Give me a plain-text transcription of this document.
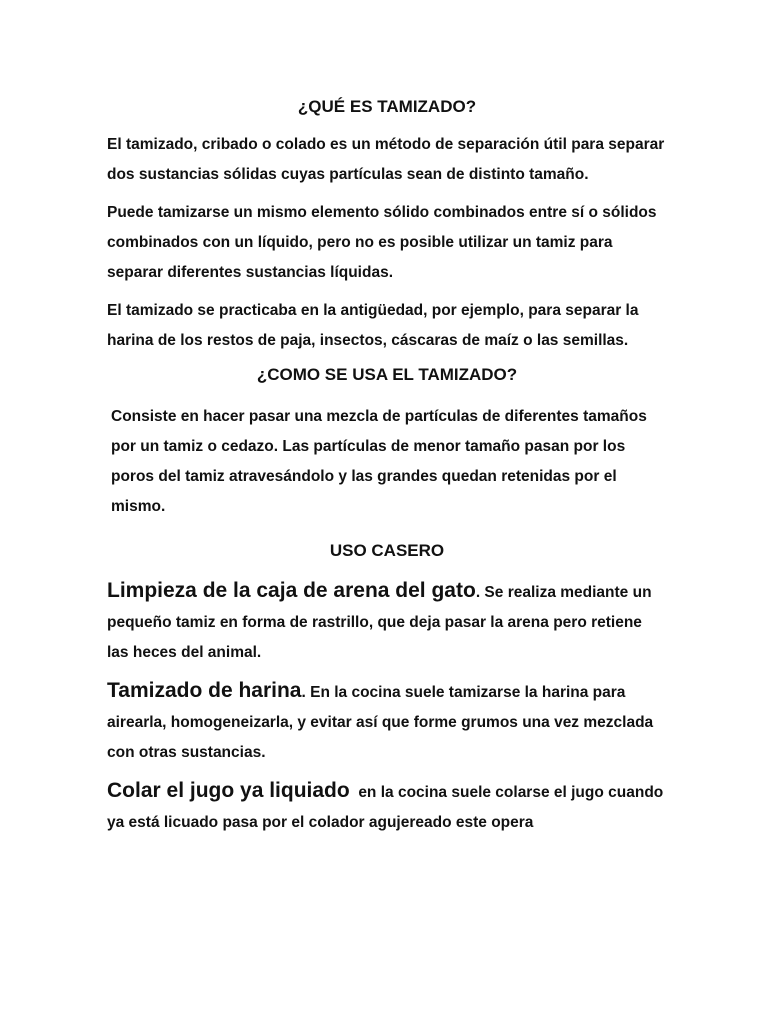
¿QUÉ ES TAMIZADO?

El tamizado, cribado o colado es un método de separación útil para separar dos sustancias sólidas cuyas partículas sean de distinto tamaño.

Puede tamizarse un mismo elemento sólido combinados entre sí o sólidos combinados con un líquido, pero no es posible utilizar un tamiz para separar diferentes sustancias líquidas.

El tamizado se practicaba en la antigüedad, por ejemplo, para separar la harina de los restos de paja, insectos, cáscaras de maíz o las semillas.

¿COMO SE USA EL TAMIZADO?

Consiste en hacer pasar una mezcla de partículas de diferentes tamaños por un tamiz o cedazo. Las partículas de menor tamaño pasan por los poros del tamiz atravesándolo y las grandes quedan retenidas por el mismo.

USO CASERO

Limpieza de la caja de arena del gato. Se realiza mediante un pequeño tamiz en forma de rastrillo, que deja pasar la arena pero retiene las heces del animal.

Tamizado de harina. En la cocina suele tamizarse la harina para airearla, homogeneizarla, y evitar así que forme grumos una vez mezclada con otras sustancias.

Colar el jugo ya liquiado  en la cocina suele colarse el jugo cuando ya está licuado pasa por el colador agujereado este opera
